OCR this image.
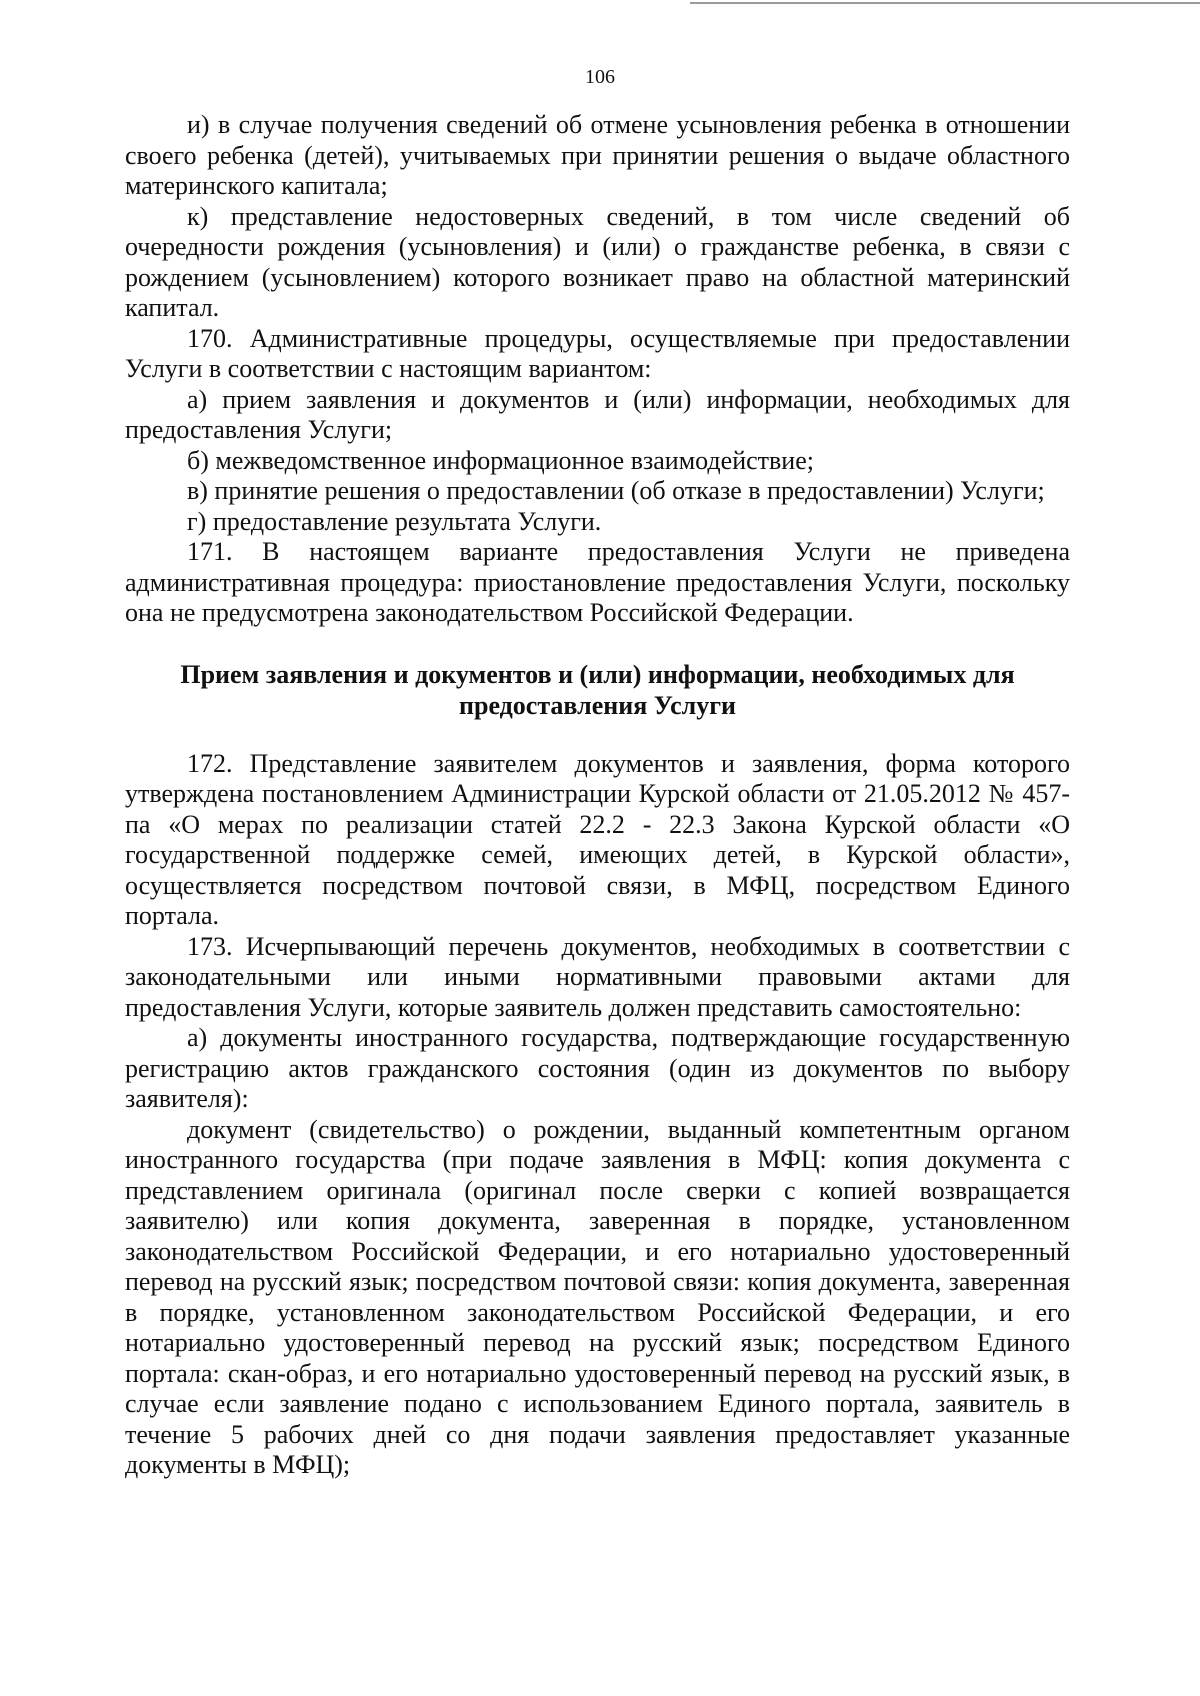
106

и) в случае получения сведений об отмене усыновления ребенка в отношении своего ребенка (детей), учитываемых при принятии решения о выдаче областного материнского капитала;

к) представление недостоверных сведений, в том числе сведений об очередности рождения (усыновления) и (или) о гражданстве ребенка, в связи с рождением (усыновлением) которого возникает право на областной материнский капитал.

170. Административные процедуры, осуществляемые при предоставлении Услуги в соответствии с настоящим вариантом:

а) прием заявления и документов и (или) информации, необходимых для предоставления Услуги;

б) межведомственное информационное взаимодействие;

в) принятие решения о предоставлении (об отказе в предоставлении) Услуги;

г) предоставление результата Услуги.

171. В настоящем варианте предоставления Услуги не приведена административная процедура: приостановление предоставления Услуги, поскольку она не предусмотрена законодательством Российской Федерации.

Прием заявления и документов и (или) информации, необходимых для предоставления Услуги

172. Представление заявителем документов и заявления, форма которого утверждена постановлением Администрации Курской области от 21.05.2012 № 457-па «О мерах по реализации статей 22.2 - 22.3 Закона Курской области «О государственной поддержке семей, имеющих детей, в Курской области», осуществляется посредством почтовой связи, в МФЦ, посредством Единого портала.

173. Исчерпывающий перечень документов, необходимых в соответствии с законодательными или иными нормативными правовыми актами для предоставления Услуги, которые заявитель должен представить самостоятельно:

а) документы иностранного государства, подтверждающие государственную регистрацию актов гражданского состояния (один из документов по выбору заявителя):

документ (свидетельство) о рождении, выданный компетентным органом иностранного государства (при подаче заявления в МФЦ: копия документа с представлением оригинала (оригинал после сверки с копией возвращается заявителю) или копия документа, заверенная в порядке, установленном законодательством Российской Федерации, и его нотариально удостоверенный перевод на русский язык; посредством почтовой связи: копия документа, заверенная в порядке, установленном законодательством Российской Федерации, и его нотариально удостоверенный перевод на русский язык; посредством Единого портала: скан-образ, и его нотариально удостоверенный перевод на русский язык, в случае если заявление подано с использованием Единого портала, заявитель в течение 5 рабочих дней со дня подачи заявления предоставляет указанные документы в МФЦ);
